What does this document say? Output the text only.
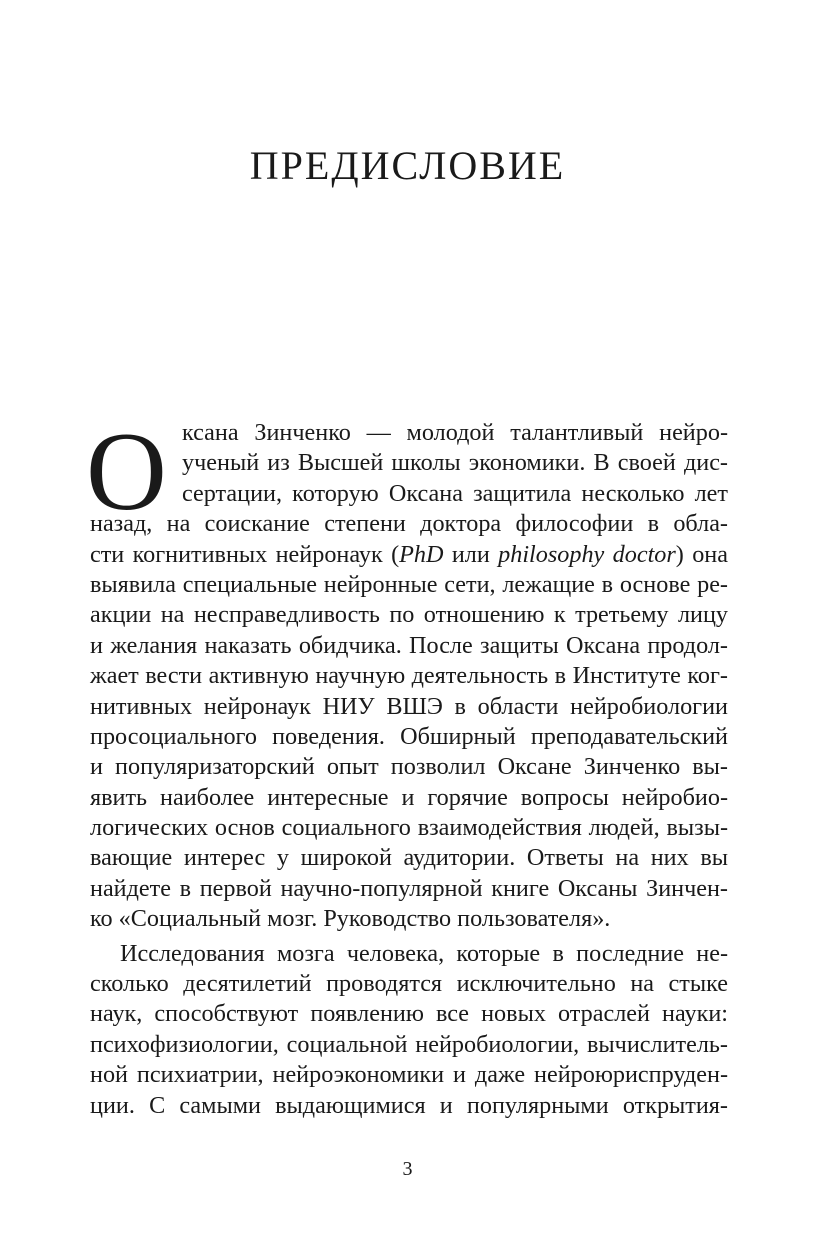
ПРЕДИСЛОВИЕ
О ксана Зинченко — молодой талантливый нейро-
ученый из Высшей школы экономики. В своей дис-
сертации, которую Оксана защитила несколько лет
назад, на соискание степени доктора философии в обла-
сти когнитивных нейронаук (PhD или philosophy doctor) она
выявила специальные нейронные сети, лежащие в основе ре-
акции на несправедливость по отношению к третьему лицу
и желания наказать обидчика. После защиты Оксана продол-
жает вести активную научную деятельность в Институте ког-
нитивных нейронаук НИУ ВШЭ в области нейробиологии
просоциального поведения. Обширный преподавательский
и популяризаторский опыт позволил Оксане Зинченко вы-
явить наиболее интересные и горячие вопросы нейробио-
логических основ социального взаимодействия людей, вызы-
вающие интерес у широкой аудитории. Ответы на них вы
найдете в первой научно-популярной книге Оксаны Зинчен-
ко «Социальный мозг. Руководство пользователя».
Исследования мозга человека, которые в последние не-
сколько десятилетий проводятся исключительно на стыке
наук, способствуют появлению все новых отраслей науки:
психофизиологии, социальной нейробиологии, вычислитель-
ной психиатрии, нейроэкономики и даже нейроюриспруден-
ции. С самыми выдающимися и популярными открытия-
3
